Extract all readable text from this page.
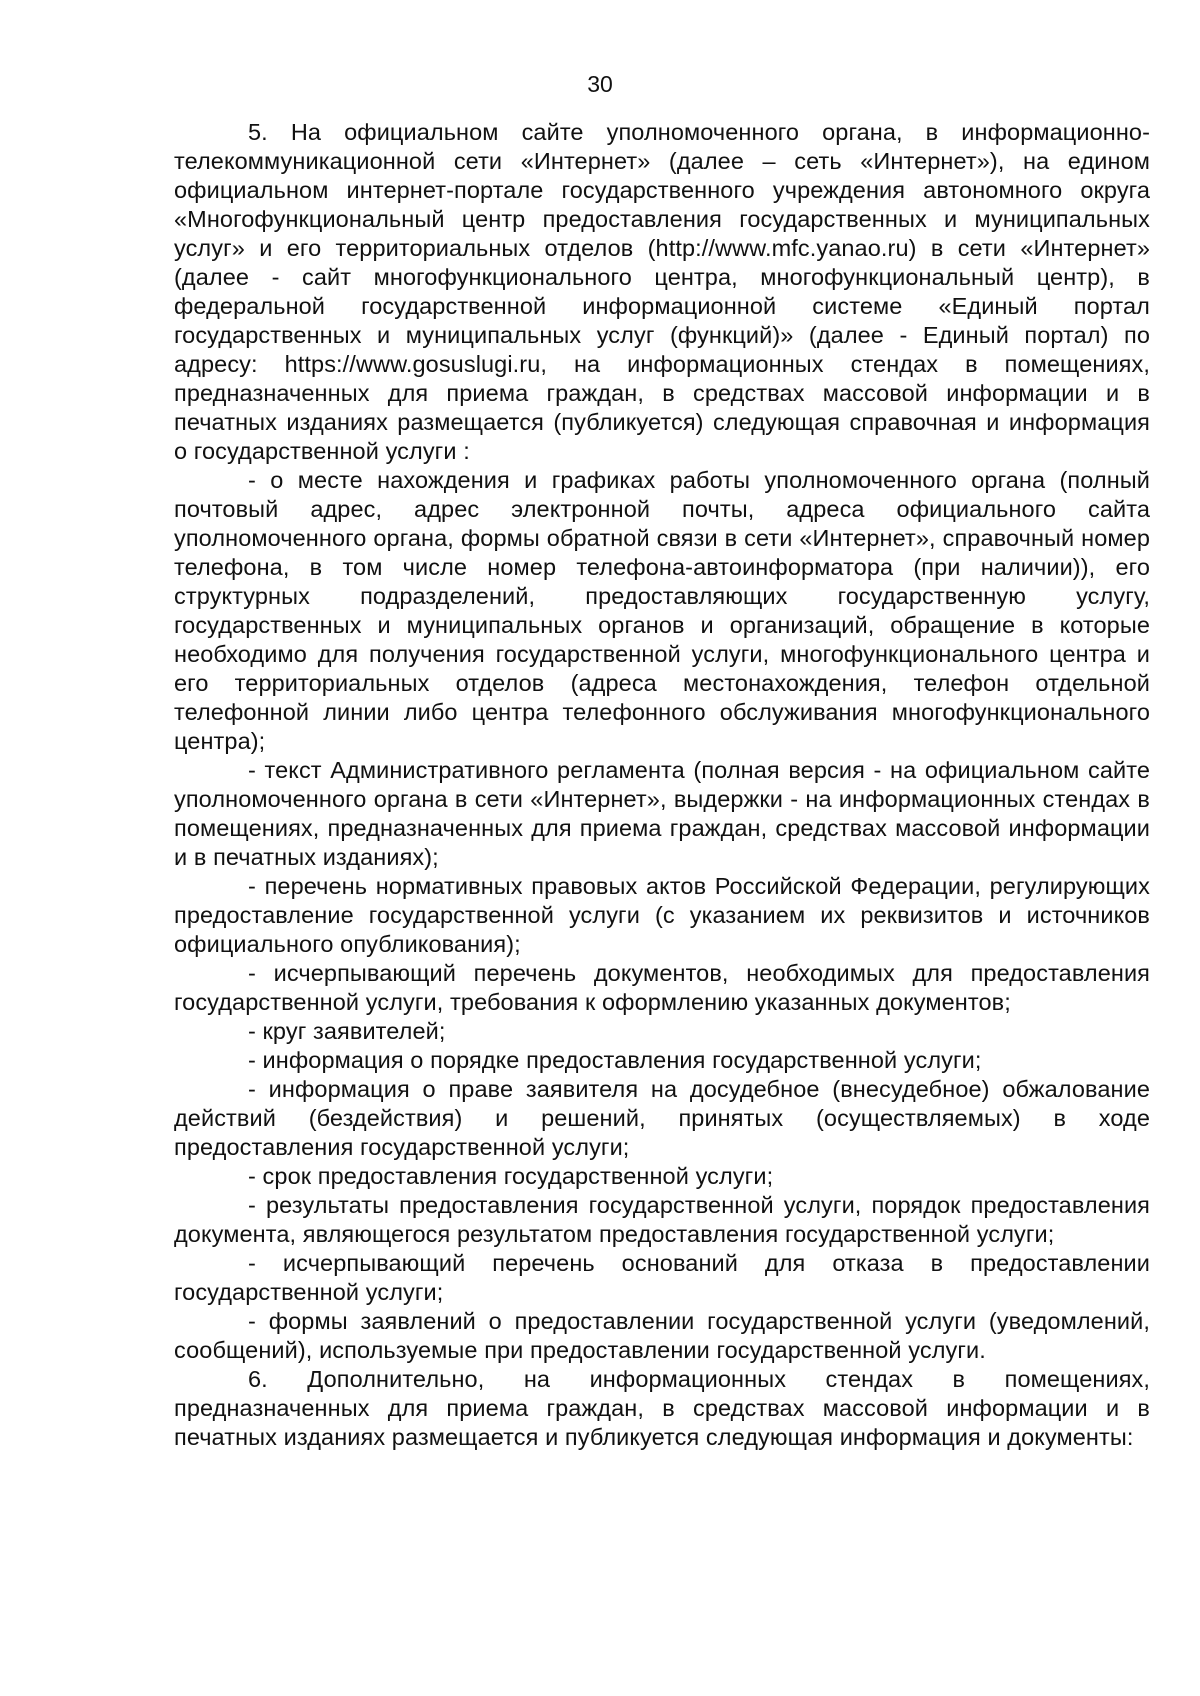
30

5. На официальном сайте уполномоченного органа, в информационно-телекоммуникационной сети «Интернет» (далее – сеть «Интернет»), на едином официальном интернет-портале государственного учреждения автономного округа «Многофункциональный центр предоставления государственных и муниципальных услуг» и его территориальных отделов (http://www.mfc.yanao.ru) в сети «Интернет» (далее - сайт многофункционального центра, многофункциональный центр), в федеральной государственной информационной системе «Единый портал государственных и муниципальных услуг (функций)» (далее - Единый портал) по адресу: https://www.gosuslugi.ru, на информационных стендах в помещениях, предназначенных для приема граждан, в средствах массовой информации и в печатных изданиях размещается (публикуется) следующая справочная и информация о государственной услуги :

- о месте нахождения и графиках работы уполномоченного органа (полный почтовый адрес, адрес электронной почты, адреса официального сайта уполномоченного органа, формы обратной связи в сети «Интернет», справочный номер телефона, в том числе номер телефона-автоинформатора (при наличии)), его структурных подразделений, предоставляющих государственную услугу, государственных и муниципальных органов и организаций, обращение в которые необходимо для получения государственной услуги, многофункционального центра и его территориальных отделов (адреса местонахождения, телефон отдельной телефонной линии либо центра телефонного обслуживания многофункционального центра);

- текст Административного регламента (полная версия - на официальном сайте уполномоченного органа в сети «Интернет», выдержки - на информационных стендах в помещениях, предназначенных для приема граждан, средствах массовой информации и в печатных изданиях);

- перечень нормативных правовых актов Российской Федерации, регулирующих предоставление государственной услуги (с указанием их реквизитов и источников официального опубликования);

- исчерпывающий перечень документов, необходимых для предоставления государственной услуги, требования к оформлению указанных документов;

- круг заявителей;

- информация о порядке предоставления государственной услуги;

- информация о праве заявителя на досудебное (внесудебное) обжалование действий (бездействия) и решений, принятых (осуществляемых) в ходе предоставления государственной услуги;

- срок предоставления государственной услуги;

- результаты предоставления государственной услуги, порядок предоставления документа, являющегося результатом предоставления государственной услуги;

- исчерпывающий перечень оснований для отказа в предоставлении государственной услуги;

- формы заявлений о предоставлении государственной услуги (уведомлений, сообщений), используемые при предоставлении государственной услуги.

6. Дополнительно, на информационных стендах в помещениях, предназначенных для приема граждан, в средствах массовой информации и в печатных изданиях размещается и публикуется следующая информация и документы:
